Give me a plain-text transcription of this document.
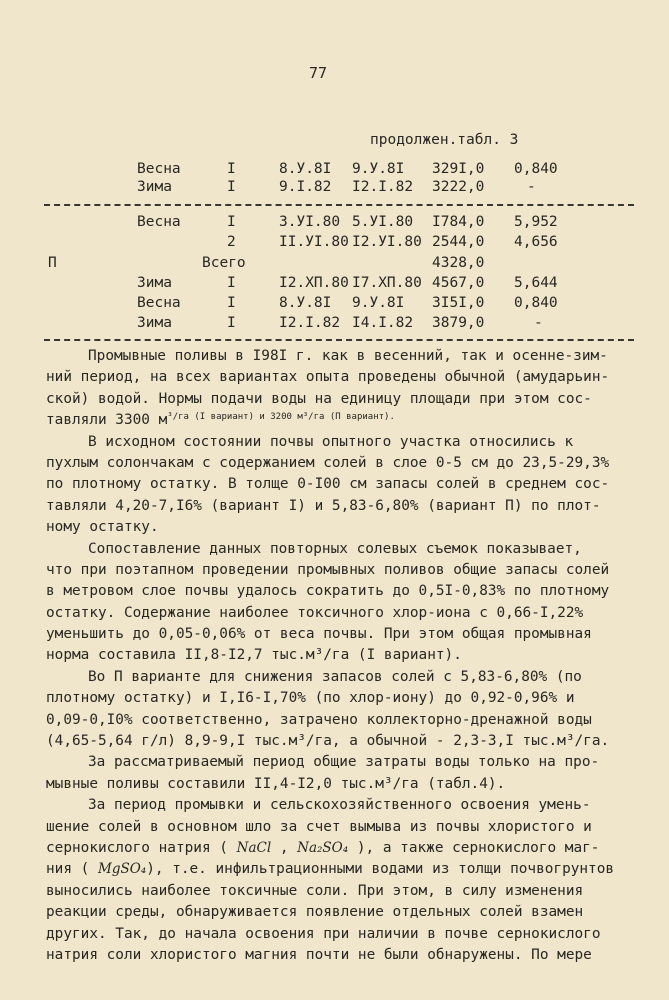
77
продолжен.табл. 3
Весна	I	8.У.8I 9.У.8I 329I,0 0,840
Зима	I	9.I.82 I2.I.82 3222,0	-
П
Весна	I	3.УI.80 5.УI.80 I784,0 5,952
2	II.УI.80 I2.УI.80 2544,0 4,656
Всего	4328,0
Зима	I	I2.XП.80 I7.XП.80 4567,0 5,644
Весна	I	8.У.8I 9.У.8I 3I5I,0 0,840
Зима	I	I2.I.82 I4.I.82 3879,0	-
Промывные поливы в I98I г. как в весенний, так и осенне-зим-
ний период, на всех вариантах опыта проведены обычной (амударьин-
ской) водой. Нормы подачи воды на единицу площади при этом сос-
тавляли 3300 $м^{^3/га (I вариант) и 3200 м^3/га (П вариант).}$
В исходном состоянии почвы опытного участка относились к
пухлым солончакам с содержанием солей в слое 0-5 см до 23,5-29,3%
по плотному остатку. В толще 0-I00 см запасы солей в среднем сос-
тавляли 4,20-7,I6% (вариант I) и 5,83-6,80% (вариант П) по плот-
ному остатку.
Сопоставление данных повторных солевых съемок показывает,
что при поэтапном проведении промывных поливов общие запасы солей
в метровом слое почвы удалось сократить до 0,5I-0,83% по плотному
остатку. Содержание наиболее токсичного хлор-иона с 0,66-I,22%
уменьшить до 0,05-0,06% от веса почвы. При этом общая промывная
норма составила II,8-I2,7 тыс.м³/га (I вариант).
Во П варианте для снижения запасов солей с 5,83-6,80% (по
плотному остатку) и I,I6-I,70% (по хлор-иону) до 0,92-0,96% и
0,09-0,I0% соответственно, затрачено коллекторно-дренажной воды
(4,65-5,64 г/л) 8,9-9,I тыс.м³/га, а обычной - 2,3-3,I тыс.м³/га.
За рассматриваемый период общие затраты воды только на про-
мывные поливы составили II,4-I2,0 тыс.м³/га (табл.4).
За период промывки и сельскохозяйственного освоения умень-
шение солей в основном шло за счет вымыва из почвы хлористого и
сернокислого натрия ( NaCl , Na₂SO₄ ), а также сернокислого маг-
ния ( MgSO₄), т.е. инфильтрационными водами из толщи почвогрунтов
выносились наиболее токсичные соли. При этом, в силу изменения
реакции среды, обнаруживается появление отдельных солей взамен
других. Так, до начала освоения при наличии в почве сернокислого
натрия соли хлористого магния почти не были обнаружены. По мере
